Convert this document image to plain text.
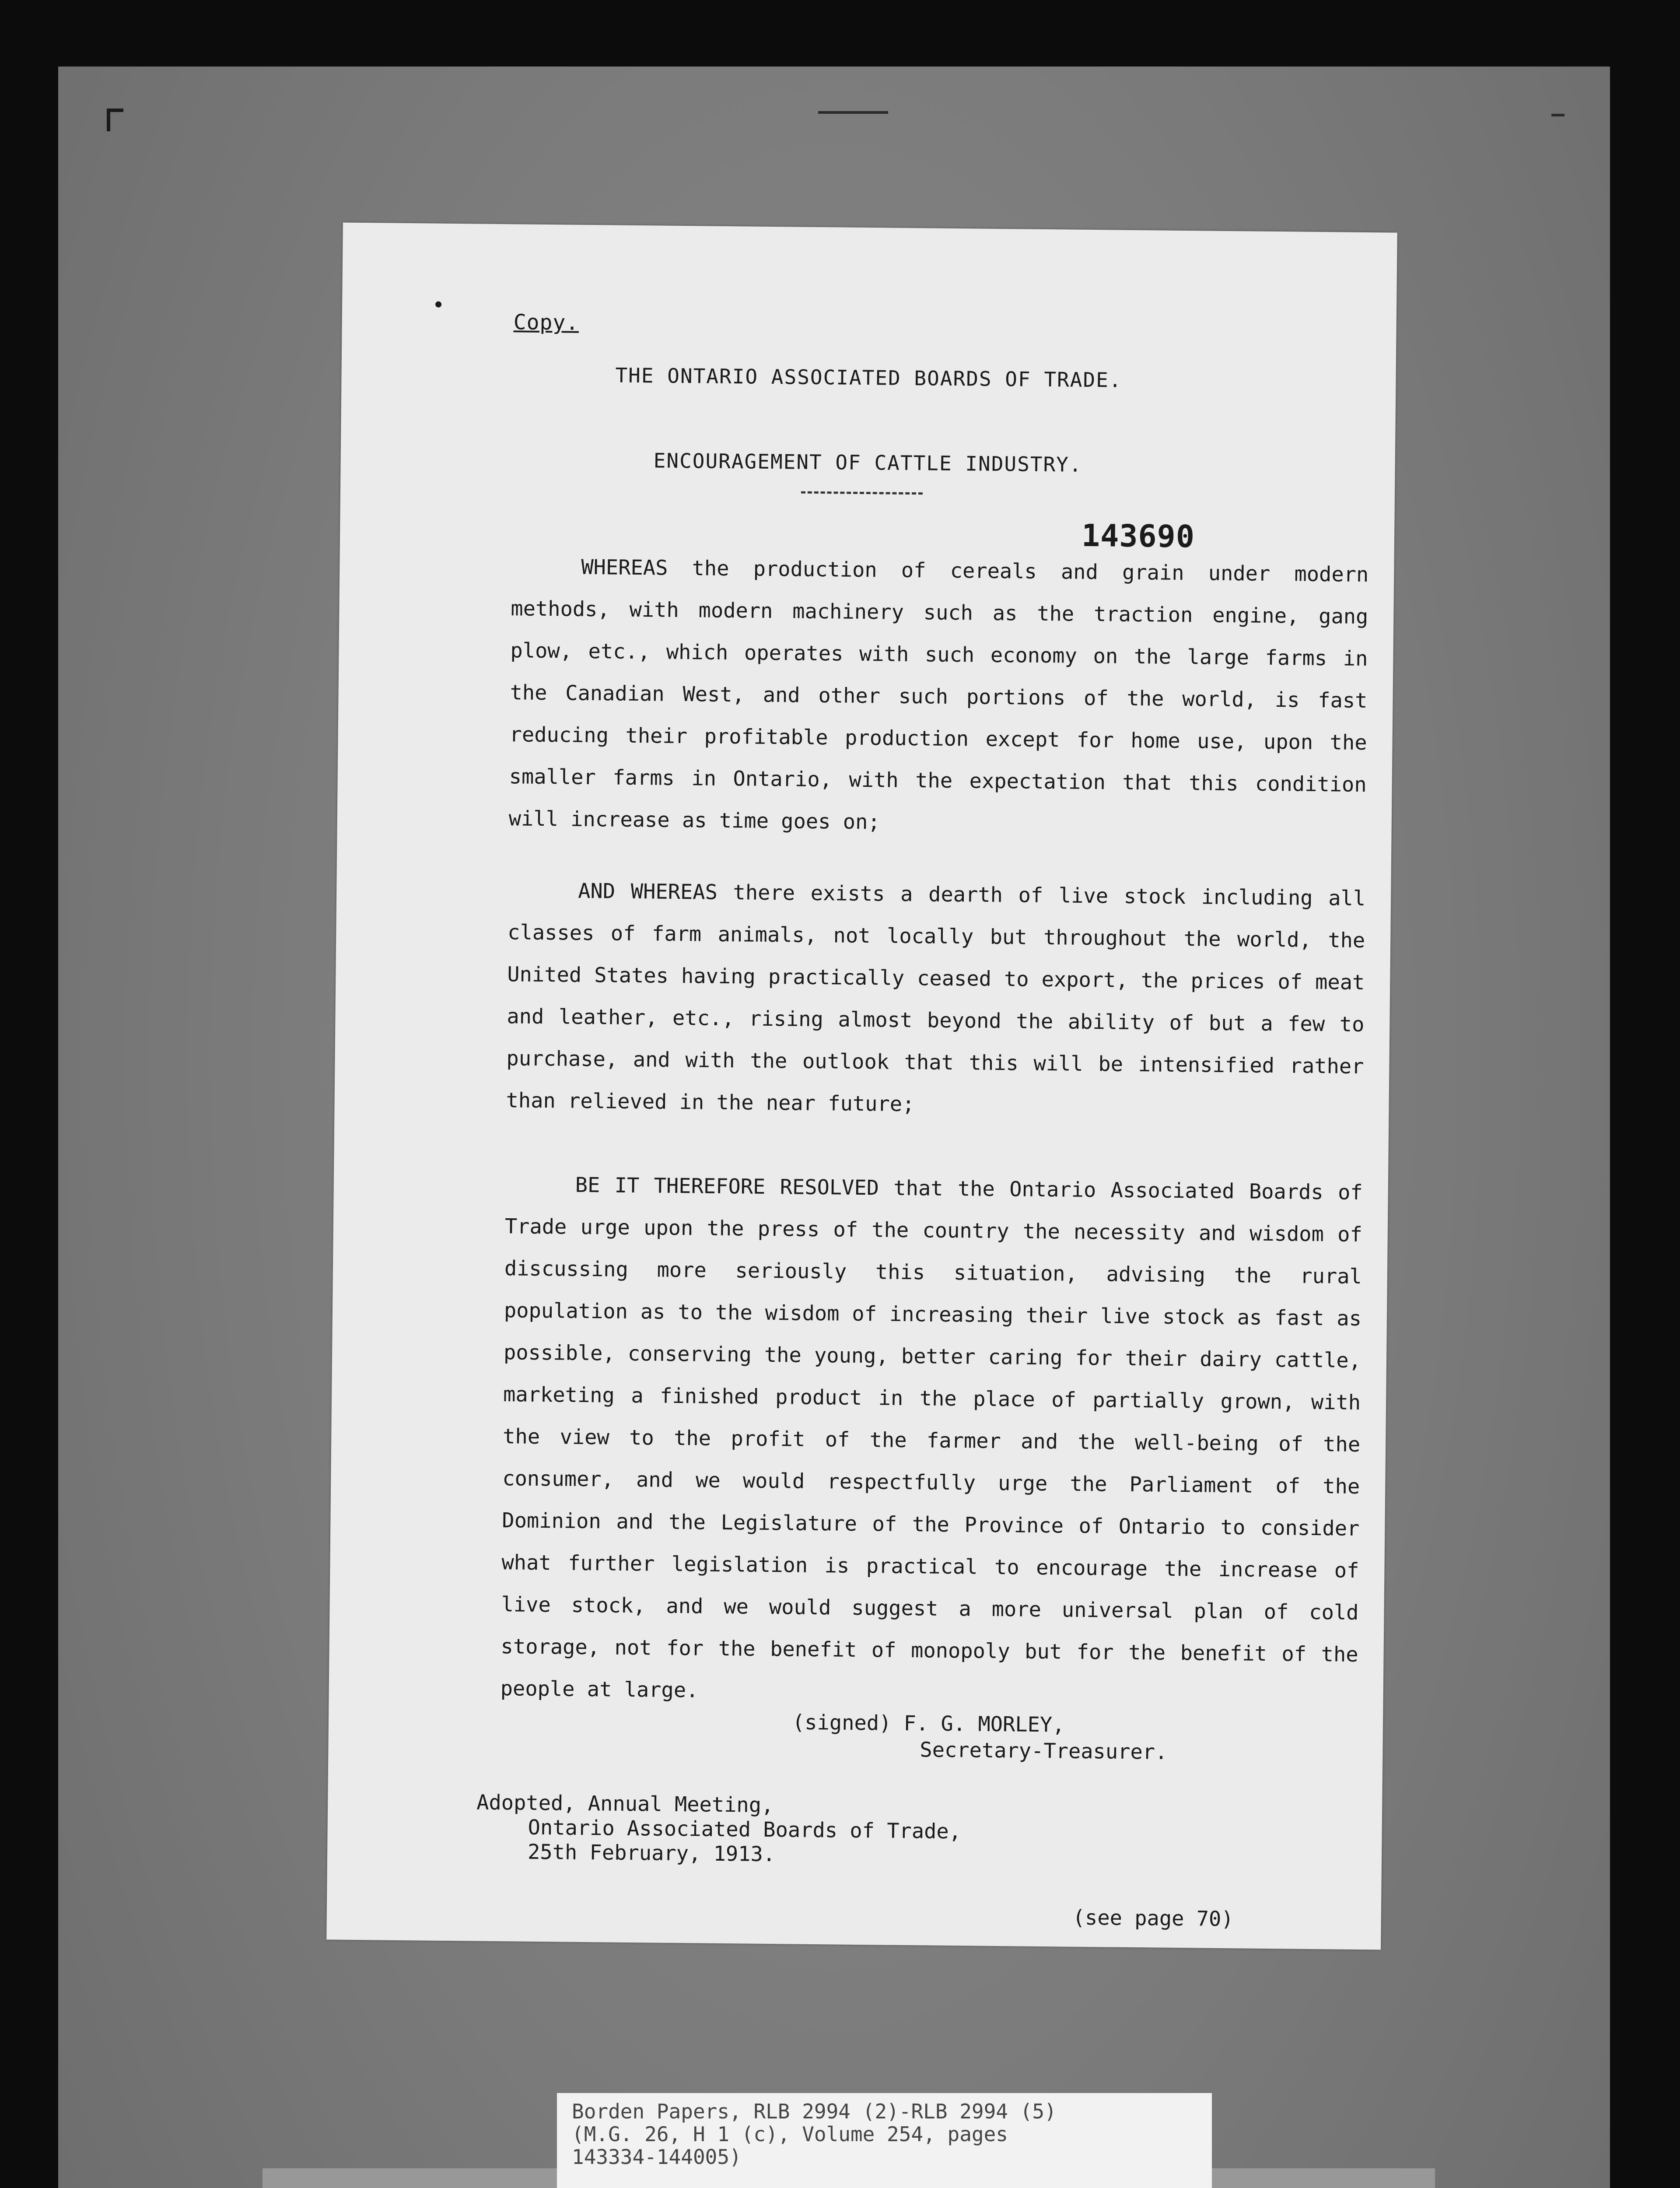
Copy.
THE ONTARIO ASSOCIATED BOARDS OF TRADE.
ENCOURAGEMENT OF CATTLE INDUSTRY.
143690

WHEREAS the production of cereals and grain under modern methods, with modern machinery such as the traction engine, gang plow, etc., which operates with such economy on the large farms in the Canadian West, and other such portions of the world, is fast reducing their profitable production except for home use, upon the smaller farms in Ontario, with the expectation that this condition will increase as time goes on;

AND WHEREAS there exists a dearth of live stock including all classes of farm animals, not locally but throughout the world, the United States having practically ceased to export, the prices of meat and leather, etc., rising almost beyond the ability of but a few to purchase, and with the outlook that this will be intensified rather than relieved in the near future;

BE IT THEREFORE RESOLVED that the Ontario Associated Boards of Trade urge upon the press of the country the necessity and wisdom of discussing more seriously this situation, advising the rural population as to the wisdom of increasing their live stock as fast as possible, conserving the young, better caring for their dairy cattle, marketing a finished product in the place of partially grown, with the view to the profit of the farmer and the well-being of the consumer, and we would respectfully urge the Parliament of the Dominion and the Legislature of the Province of Ontario to consider what further legislation is practical to encourage the increase of live stock, and we would suggest a more universal plan of cold storage, not for the benefit of monopoly but for the benefit of the people at large.

(signed) F. G. MORLEY,
Secretary-Treasurer.
Adopted, Annual Meeting,
Ontario Associated Boards of Trade,
25th February, 1913.
(see page 70)
Borden Papers, RLB 2994 (2)-RLB 2994 (5)
(M.G. 26, H 1 (c), Volume 254, pages
143334-144005)
